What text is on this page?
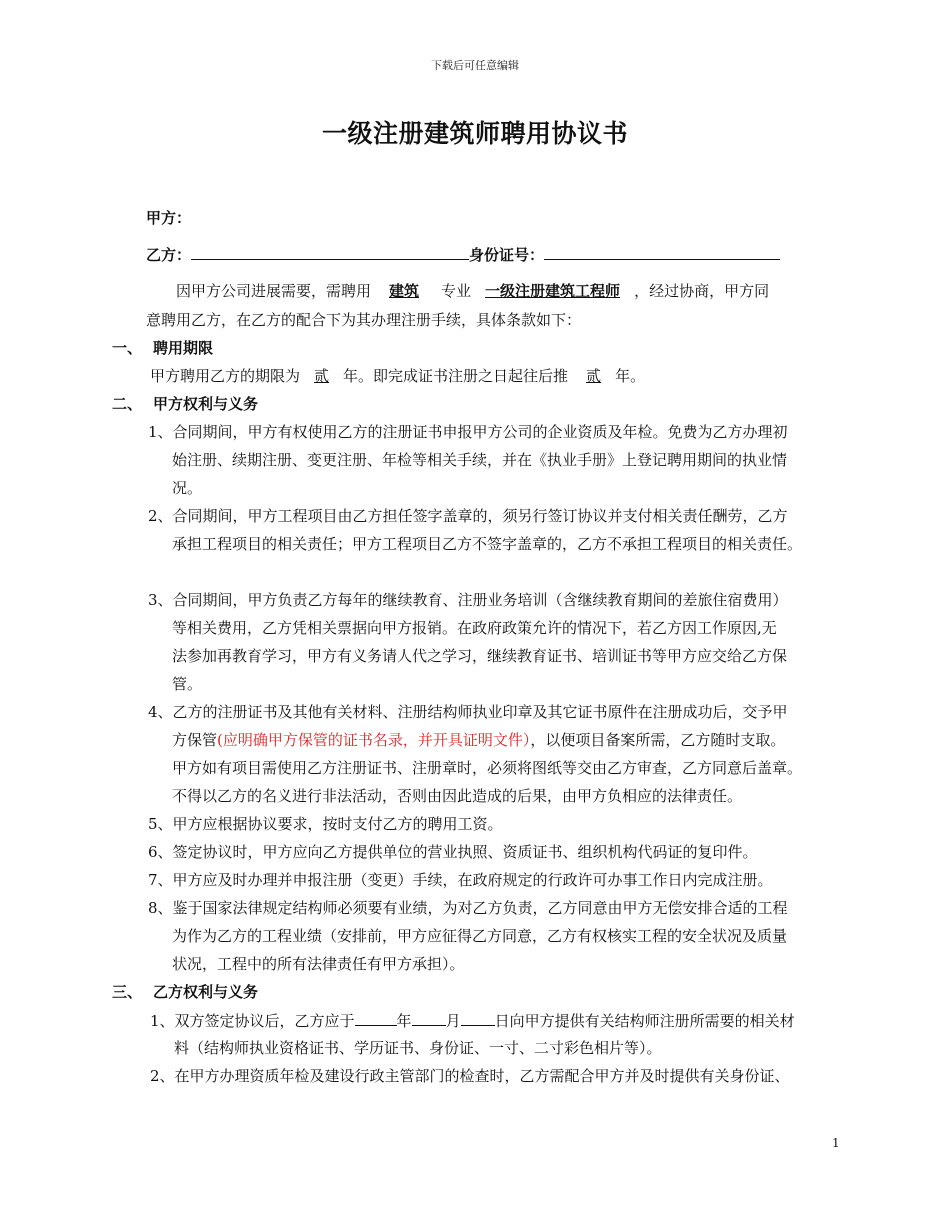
下载后可任意编辑
一级注册建筑师聘用协议书
甲方：
乙方：	身份证号：
因甲方公司进展需要，需聘用 建筑 专业 一级注册建筑工程师 ，经过协商，甲方同
意聘用乙方，在乙方的配合下为其办理注册手续，具体条款如下：
一、 聘用期限
甲方聘用乙方的期限为 贰 年。即完成证书注册之日起往后推 贰 年。
二、 甲方权利与义务
1、合同期间，甲方有权使用乙方的注册证书申报甲方公司的企业资质及年检。免费为乙方办理初
始注册、续期注册、变更注册、年检等相关手续，并在《执业手册》上登记聘用期间的执业情
况。
2、合同期间，甲方工程项目由乙方担任签字盖章的，须另行签订协议并支付相关责任酬劳，乙方
承担工程项目的相关责任；甲方工程项目乙方不签字盖章的，乙方不承担工程项目的相关责任。
3、合同期间，甲方负责乙方每年的继续教育、注册业务培训（含继续教育期间的差旅住宿费用）
等相关费用，乙方凭相关票据向甲方报销。在政府政策允许的情况下，若乙方因工作原因,无
法参加再教育学习，甲方有义务请人代之学习，继续教育证书、培训证书等甲方应交给乙方保
管。
4、乙方的注册证书及其他有关材料、注册结构师执业印章及其它证书原件在注册成功后，交予甲
方保管(应明确甲方保管的证书名录，并开具证明文件），以便项目备案所需，乙方随时支取。
甲方如有项目需使用乙方注册证书、注册章时，必须将图纸等交由乙方审查，乙方同意后盖章。
不得以乙方的名义进行非法活动，否则由因此造成的后果，由甲方负相应的法律责任。
5、甲方应根据协议要求，按时支付乙方的聘用工资。
6、签定协议时，甲方应向乙方提供单位的营业执照、资质证书、组织机构代码证的复印件。
7、甲方应及时办理并申报注册（变更）手续，在政府规定的行政许可办事工作日内完成注册。
8、鉴于国家法律规定结构师必须要有业绩，为对乙方负责，乙方同意由甲方无偿安排合适的工程
为作为乙方的工程业绩（安排前，甲方应征得乙方同意，乙方有权核实工程的安全状况及质量
状况，工程中的所有法律责任有甲方承担）。
三、 乙方权利与义务
1、双方签定协议后，乙方应于	年 月 日向甲方提供有关结构师注册所需要的相关材
料（结构师执业资格证书、学历证书、身份证、一寸、二寸彩色相片等）。
2、在甲方办理资质年检及建设行政主管部门的检查时，乙方需配合甲方并及时提供有关身份证、
1
